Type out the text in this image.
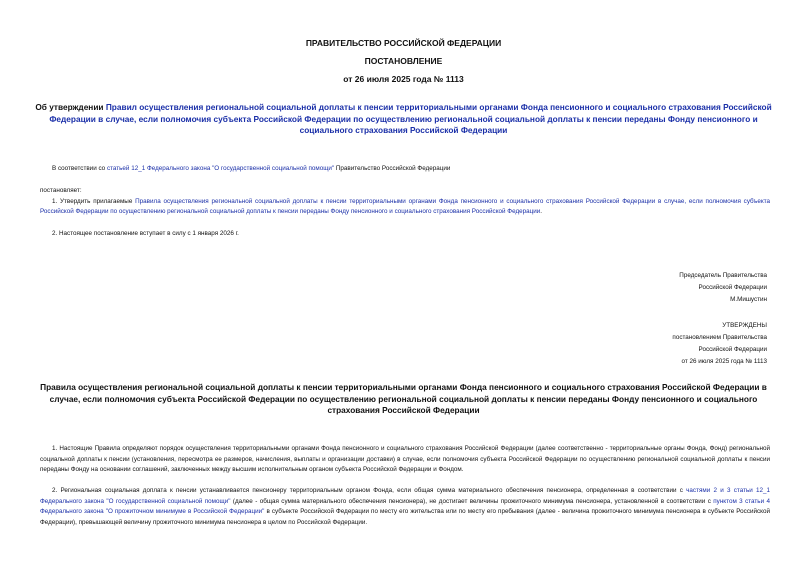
ПРАВИТЕЛЬСТВО РОССИЙСКОЙ ФЕДЕРАЦИИ
ПОСТАНОВЛЕНИЕ
от 26 июля 2025 года № 1113
Об утверждении Правил осуществления региональной социальной доплаты к пенсии территориальными органами Фонда пенсионного и социального страхования Российской Федерации в случае, если полномочия субъекта Российской Федерации по осуществлению региональной социальной доплаты к пенсии переданы Фонду пенсионного и социального страхования Российской Федерации
В соответствии со статьей 12_1 Федерального закона "О государственной социальной помощи" Правительство Российской Федерации
постановляет:
1. Утвердить прилагаемые Правила осуществления региональной социальной доплаты к пенсии территориальными органами Фонда пенсионного и социального страхования Российской Федерации в случае, если полномочия субъекта Российской Федерации по осуществлению региональной социальной доплаты к пенсии переданы Фонду пенсионного и социального страхования Российской Федерации.
2. Настоящее постановление вступает в силу с 1 января 2026 г.
Председатель Правительства
Российской Федерации
М.Мишустин
УТВЕРЖДЕНЫ
постановлением Правительства
Российской Федерации
от 26 июля 2025 года № 1113
Правила осуществления региональной социальной доплаты к пенсии территориальными органами Фонда пенсионного и социального страхования Российской Федерации в случае, если полномочия субъекта Российской Федерации по осуществлению региональной социальной доплаты к пенсии переданы Фонду пенсионного и социального страхования Российской Федерации
1. Настоящие Правила определяют порядок осуществления территориальными органами Фонда пенсионного и социального страхования Российской Федерации (далее соответственно - территориальные органы Фонда, Фонд) региональной социальной доплаты к пенсии (установления, пересмотра ее размеров, начисления, выплаты и организации доставки) в случае, если полномочия субъекта Российской Федерации по осуществлению региональной социальной доплаты к пенсии переданы Фонду на основании соглашений, заключенных между высшим исполнительным органом субъекта Российской Федерации и Фондом.
2. Региональная социальная доплата к пенсии устанавливается пенсионеру территориальным органом Фонда, если общая сумма материального обеспечения пенсионера, определенная в соответствии с частями 2 и 3 статьи 12_1 Федерального закона "О государственной социальной помощи" (далее - общая сумма материального обеспечения пенсионера), не достигает величины прожиточного минимума пенсионера, установленной в соответствии с пунктом 3 статьи 4 Федерального закона "О прожиточном минимуме в Российской Федерации" в субъекте Российской Федерации по месту его жительства или по месту его пребывания (далее - величина прожиточного минимума пенсионера в субъекте Российской Федерации), превышающей величину прожиточного минимума пенсионера в целом по Российской Федерации.
